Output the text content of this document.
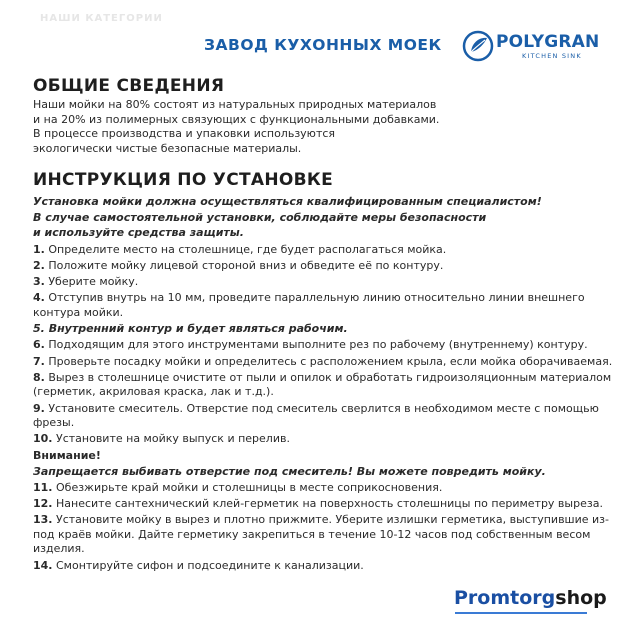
НАШИ КАТЕГОРИИ
ЗАВОД КУХОННЫХ МОЕК	POLYGRAN
KITCHEN SINK
ОБЩИЕ СВЕДЕНИЯ
Наши мойки на 80% состоят из натуральных природных материалов
и на 20% из полимерных связующих с функциональными добавками.
В процессе производства и упаковки используются
экологически чистые безопасные материалы.
ИНСТРУКЦИЯ ПО УСТАНОВКЕ
Установка мойки должна осуществляться квалифицированным специалистом!
В случае самостоятельной установки, соблюдайте меры безопасности
и используйте средства защиты.
1. Определите место на столешнице, где будет располагаться мойка.
2. Положите мойку лицевой стороной вниз и обведите её по контуру.
3. Уберите мойку.
4. Отступив внутрь на 10 мм, проведите параллельную линию относительно линии внешнего контура мойки.
5. Внутренний контур и будет являться рабочим.
6. Подходящим для этого инструментами выполните рез по рабочему (внутреннему) контуру.
7. Проверьте посадку мойки и определитесь с расположением крыла, если мойка оборачиваемая.
8. Вырез в столешнице очистите от пыли и опилок и обработать гидроизоляционным материалом (герметик, акриловая краска, лак и т.д.).
9. Установите смеситель. Отверстие под смеситель сверлится в необходимом месте с помощью фрезы.
10. Установите на мойку выпуск и перелив.
Внимание!
Запрещается выбивать отверстие под смеситель! Вы можете повредить мойку.
11. Обезжирьте край мойки и столешницы в месте соприкосновения.
12. Нанесите сантехнический клей-герметик на поверхность столешницы по периметру выреза.
13. Установите мойку в вырез и плотно прижмите. Уберите излишки герметика, выступившие из-под краёв мойки. Дайте герметику закрепиться в течение 10-12 часов под собственным весом изделия.
14. Смонтируйте сифон и подсоедините к канализации.
Promtorgshop
